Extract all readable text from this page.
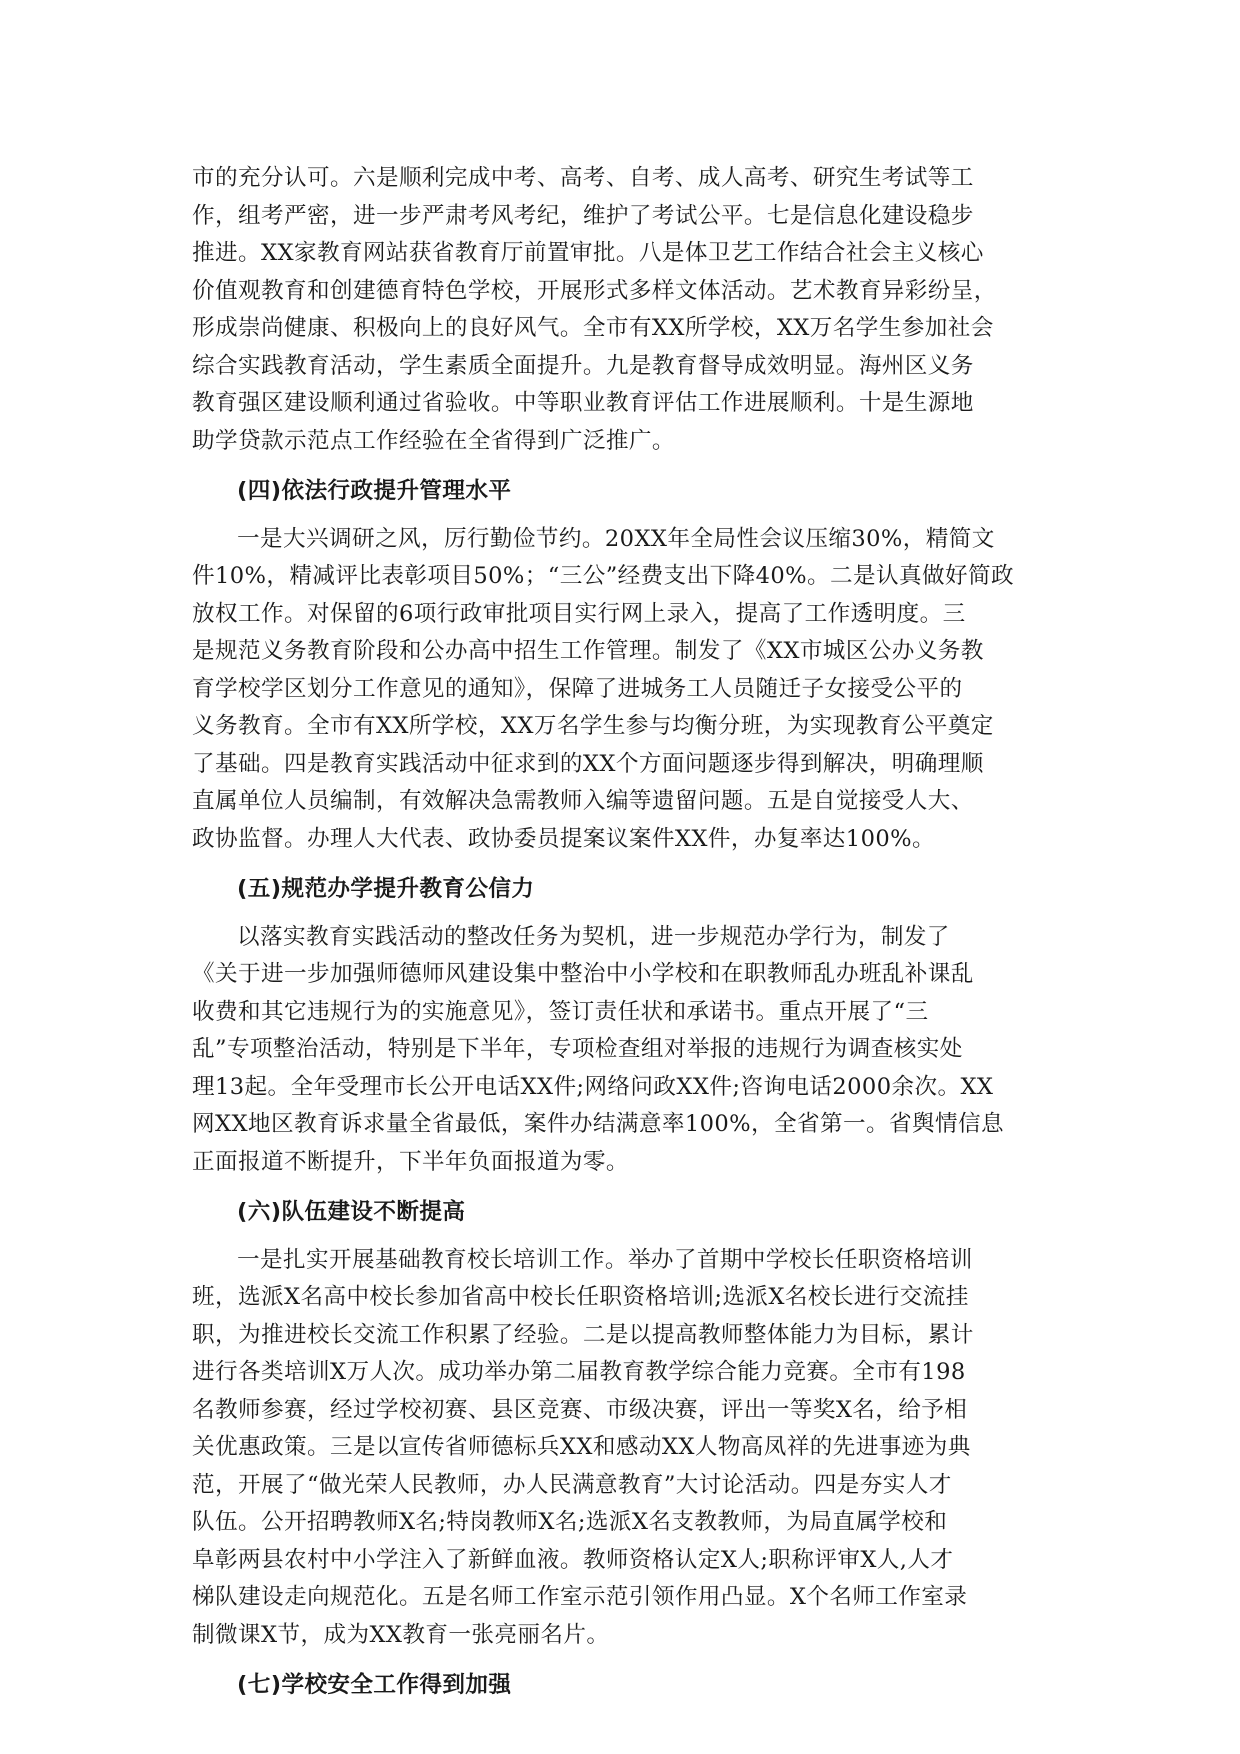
市的充分认可。六是顺利完成中考、高考、自考、成人高考、研究生考试等工
作，组考严密，进一步严肃考风考纪，维护了考试公平。七是信息化建设稳步
推进。XX家教育网站获省教育厅前置审批。八是体卫艺工作结合社会主义核心
价值观教育和创建德育特色学校，开展形式多样文体活动。艺术教育异彩纷呈，
形成崇尚健康、积极向上的良好风气。全市有XX所学校，XX万名学生参加社会
综合实践教育活动，学生素质全面提升。九是教育督导成效明显。海州区义务
教育强区建设顺利通过省验收。中等职业教育评估工作进展顺利。十是生源地
助学贷款示范点工作经验在全省得到广泛推广。

(四)依法行政提升管理水平

一是大兴调研之风，厉行勤俭节约。20XX年全局性会议压缩30%，精简文
件10%，精减评比表彰项目50%；“三公”经费支出下降40%。二是认真做好简政
放权工作。对保留的6项行政审批项目实行网上录入，提高了工作透明度。三
是规范义务教育阶段和公办高中招生工作管理。制发了《XX市城区公办义务教
育学校学区划分工作意见的通知》，保障了进城务工人员随迁子女接受公平的
义务教育。全市有XX所学校，XX万名学生参与均衡分班，为实现教育公平奠定
了基础。四是教育实践活动中征求到的XX个方面问题逐步得到解决，明确理顺
直属单位人员编制，有效解决急需教师入编等遗留问题。五是自觉接受人大、
政协监督。办理人大代表、政协委员提案议案件XX件，办复率达100%。

(五)规范办学提升教育公信力

以落实教育实践活动的整改任务为契机，进一步规范办学行为，制发了
《关于进一步加强师德师风建设集中整治中小学校和在职教师乱办班乱补课乱
收费和其它违规行为的实施意见》，签订责任状和承诺书。重点开展了“三
乱”专项整治活动，特别是下半年，专项检查组对举报的违规行为调查核实处
理13起。全年受理市长公开电话XX件;网络问政XX件;咨询电话2000余次。XX
网XX地区教育诉求量全省最低，案件办结满意率100%，全省第一。省舆情信息
正面报道不断提升，下半年负面报道为零。

(六)队伍建设不断提高

一是扎实开展基础教育校长培训工作。举办了首期中学校长任职资格培训
班，选派X名高中校长参加省高中校长任职资格培训;选派X名校长进行交流挂
职，为推进校长交流工作积累了经验。二是以提高教师整体能力为目标，累计
进行各类培训X万人次。成功举办第二届教育教学综合能力竞赛。全市有198
名教师参赛，经过学校初赛、县区竞赛、市级决赛，评出一等奖X名，给予相
关优惠政策。三是以宣传省师德标兵XX和感动XX人物高凤祥的先进事迹为典
范，开展了“做光荣人民教师，办人民满意教育”大讨论活动。四是夯实人才
队伍。公开招聘教师X名;特岗教师X名;选派X名支教教师，为局直属学校和
阜彰两县农村中小学注入了新鲜血液。教师资格认定X人;职称评审X人,人才
梯队建设走向规范化。五是名师工作室示范引领作用凸显。X个名师工作室录
制微课X节，成为XX教育一张亮丽名片。

(七)学校安全工作得到加强
